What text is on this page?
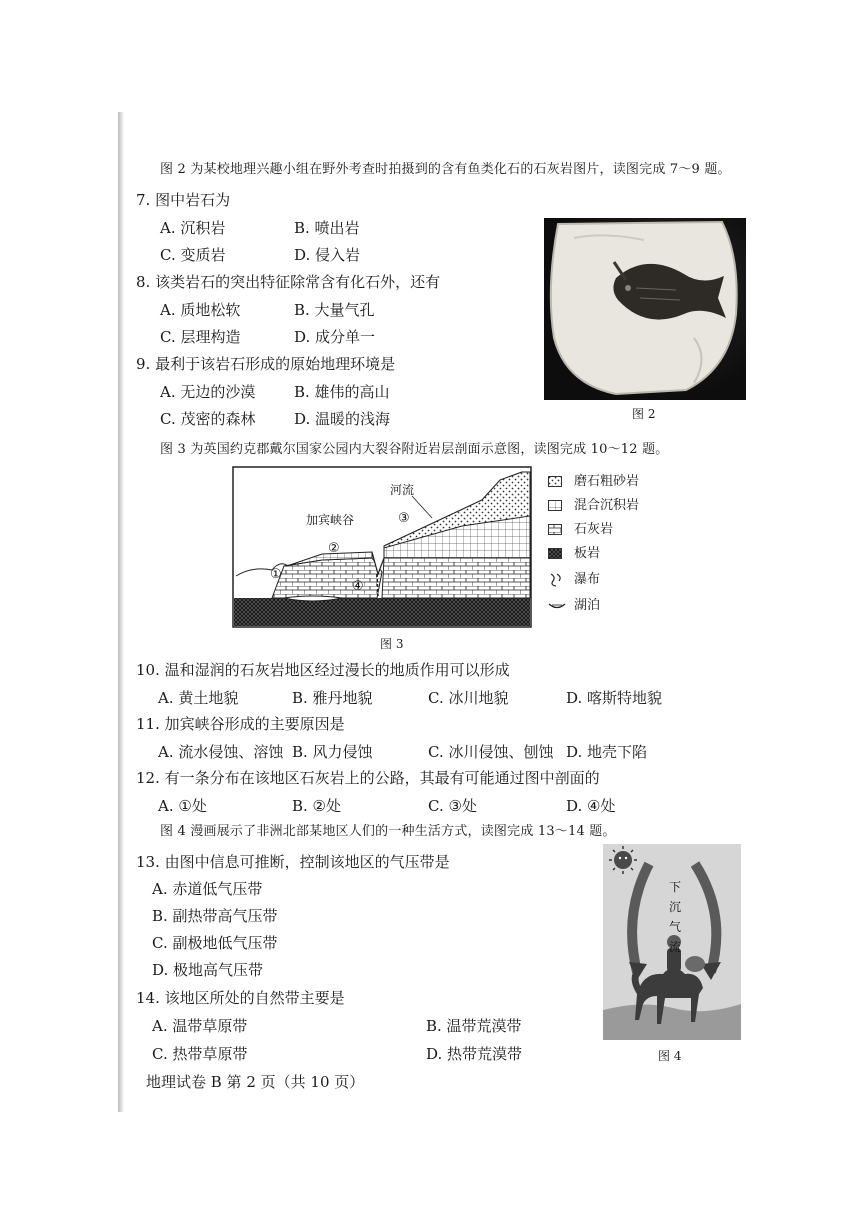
图 2 为某校地理兴趣小组在野外考查时拍摄到的含有鱼类化石的石灰岩图片，读图完成 7～9 题。
7. 图中岩石为
A. 沉积岩	B. 喷出岩
C. 变质岩	D. 侵入岩
8. 该类岩石的突出特征除常含有化石外，还有
A. 质地松软	B. 大量气孔
C. 层理构造	D. 成分单一
9. 最利于该岩石形成的原始地理环境是
A. 无边的沙漠	B. 雄伟的高山
C. 茂密的森林	D. 温暖的浅海	图 2
图 3 为英国约克郡戴尔国家公园内大裂谷附近岩层剖面示意图，读图完成 10～12 题。
河流
加宾峡谷
①
②
③
④
磨石粗砂岩
混合沉积岩
石灰岩
板岩
瀑布
湖泊
图 3
10. 温和湿润的石灰岩地区经过漫长的地质作用可以形成
A. 黄土地貌	B. 雅丹地貌	C. 冰川地貌	D. 喀斯特地貌
11. 加宾峡谷形成的主要原因是
A. 流水侵蚀、溶蚀 B. 风力侵蚀	C. 冰川侵蚀、刨蚀 D. 地壳下陷
12. 有一条分布在该地区石灰岩上的公路，其最有可能通过图中剖面的
A. ①处	B. ②处	C. ③处	D. ④处
图 4 漫画展示了非洲北部某地区人们的一种生活方式，读图完成 13～14 题。
13. 由图中信息可推断，控制该地区的气压带是
A. 赤道低气压带
B. 副热带高气压带
C. 副极地低气压带
D. 极地高气压带
14. 该地区所处的自然带主要是
A. 温带草原带	B. 温带荒漠带
C. 热带草原带	D. 热带荒漠带
下
沉
气
流
图 4
地理试卷 B 第 2 页（共 10 页）
